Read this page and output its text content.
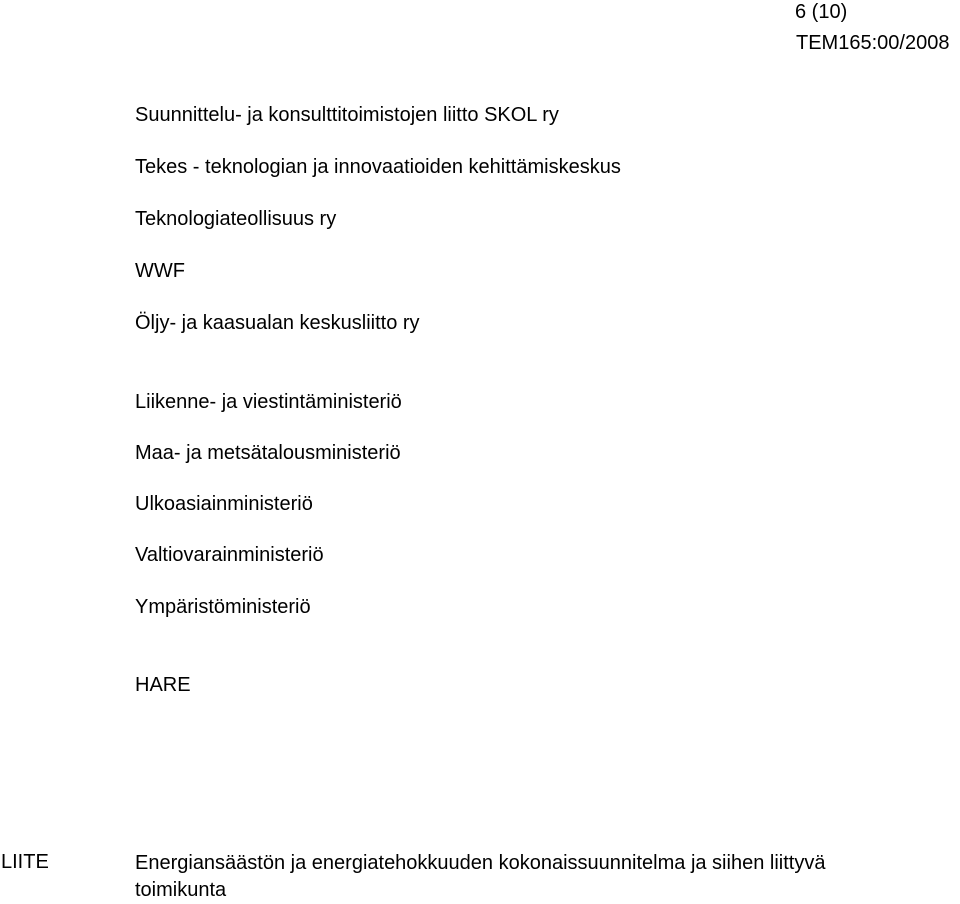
6 (10)
TEM165:00/2008
Suunnittelu- ja konsulttitoimistojen liitto SKOL ry
Tekes - teknologian ja innovaatioiden kehittämiskeskus
Teknologiateollisuus ry
WWF
Öljy- ja kaasualan keskusliitto ry
Liikenne- ja viestintäministeriö
Maa- ja metsätalousministeriö
Ulkoasiainministeriö
Valtiovarainministeriö
Ympäristöministeriö
HARE
LIITE	Energiansäästön ja energiatehokkuuden kokonaissuunnitelma ja siihen liittyvä toimikunta
